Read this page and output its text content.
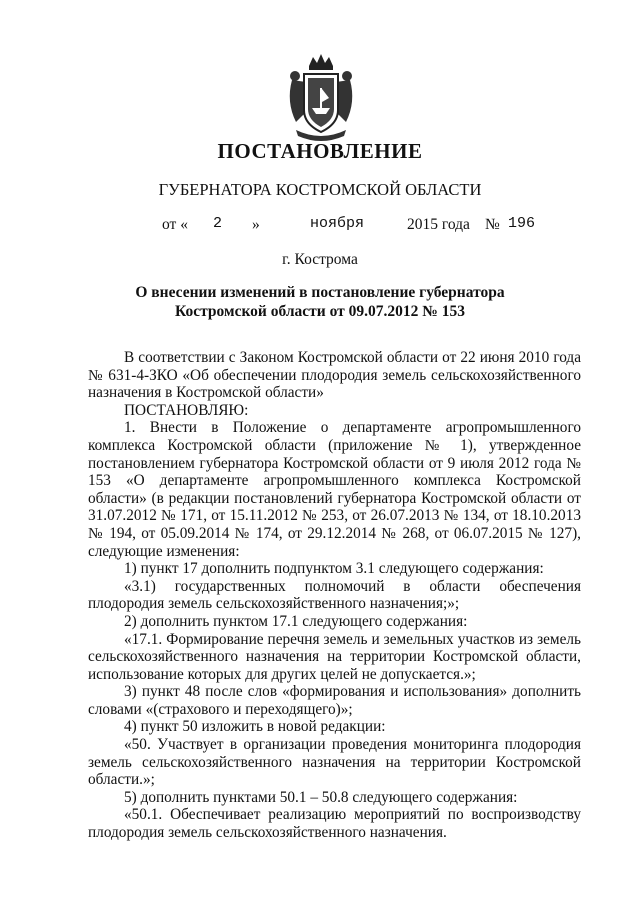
ПОСТАНОВЛЕНИЕ
ГУБЕРНАТОРА КОСТРОМСКОЙ ОБЛАСТИ
от « 2 »	ноября	2015 года № 196
г. Кострома
О внесении изменений в постановление губернатора
Костромской области от 09.07.2012 № 153

В соответствии с Законом Костромской области от 22 июня 2010 года № 631-4-ЗКО «Об обеспечении плодородия земель сельскохозяйственного назначения в Костромской области»

ПОСТАНОВЛЯЮ:

1. Внести в Положение о департаменте агропромышленного комплекса Костромской области (приложение № 1), утвержденное постановлением губернатора Костромской области от 9 июля 2012 года № 153 «О департаменте агропромышленного комплекса Костромской области» (в редакции постановлений губернатора Костромской области от 31.07.2012 № 171, от 15.11.2012 № 253, от 26.07.2013 № 134, от 18.10.2013 № 194, от 05.09.2014 № 174, от 29.12.2014 № 268, от 06.07.2015 № 127), следующие изменения:

1) пункт 17 дополнить подпунктом 3.1 следующего содержания:

«3.1) государственных полномочий в области обеспечения плодородия земель сельскохозяйственного назначения;»;

2) дополнить пунктом 17.1 следующего содержания:

«17.1. Формирование перечня земель и земельных участков из земель сельскохозяйственного назначения на территории Костромской области, использование которых для других целей не допускается.»;

3) пункт 48 после слов «формирования и использования» дополнить словами «(страхового и переходящего)»;

4) пункт 50 изложить в новой редакции:

«50. Участвует в организации проведения мониторинга плодородия земель сельскохозяйственного назначения на территории Костромской области.»;

5) дополнить пунктами 50.1 – 50.8 следующего содержания:

«50.1. Обеспечивает реализацию мероприятий по воспроизводству плодородия земель сельскохозяйственного назначения.
